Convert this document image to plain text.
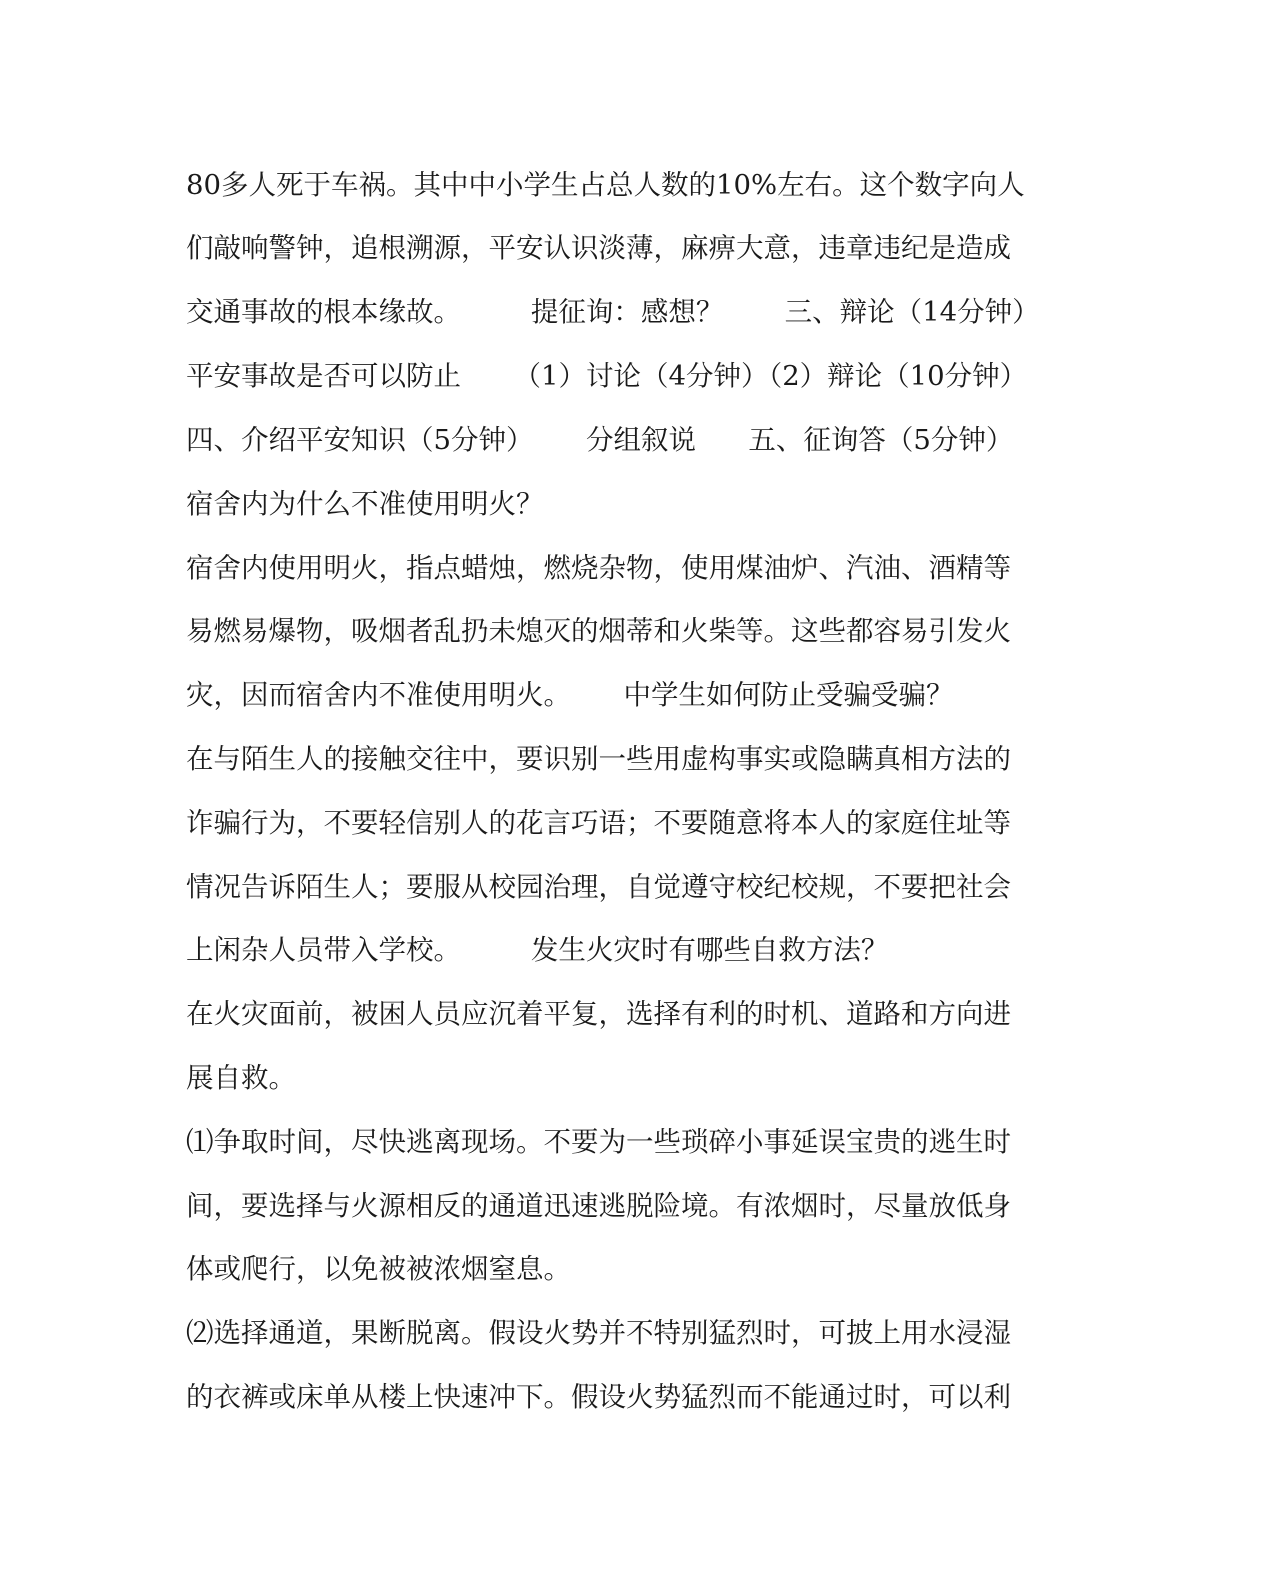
80多人死于车祸。其中中小学生占总人数的10%左右。这个数字向人
们敲响警钟，追根溯源，平安认识淡薄，麻痹大意，违章违纪是造成
交通事故的根本缘故。        提征询：感想？       三、辩论（14分钟）
平安事故是否可以防止      （1）讨论（4分钟）（2）辩论（10分钟）
四、介绍平安知识（5分钟）      分组叙说      五、征询答（5分钟）
宿舍内为什么不准使用明火？
宿舍内使用明火，指点蜡烛，燃烧杂物，使用煤油炉、汽油、酒精等
易燃易爆物，吸烟者乱扔未熄灭的烟蒂和火柴等。这些都容易引发火
灾，因而宿舍内不准使用明火。      中学生如何防止受骗受骗？
在与陌生人的接触交往中，要识别一些用虚构事实或隐瞒真相方法的
诈骗行为，不要轻信别人的花言巧语；不要随意将本人的家庭住址等
情况告诉陌生人；要服从校园治理，自觉遵守校纪校规，不要把社会
上闲杂人员带入学校。        发生火灾时有哪些自救方法？
在火灾面前，被困人员应沉着平复，选择有利的时机、道路和方向进
展自救。
⑴争取时间，尽快逃离现场。不要为一些琐碎小事延误宝贵的逃生时
间，要选择与火源相反的通道迅速逃脱险境。有浓烟时，尽量放低身
体或爬行，以免被被浓烟窒息。
⑵选择通道，果断脱离。假设火势并不特别猛烈时，可披上用水浸湿
的衣裤或床单从楼上快速冲下。假设火势猛烈而不能通过时，可以利
